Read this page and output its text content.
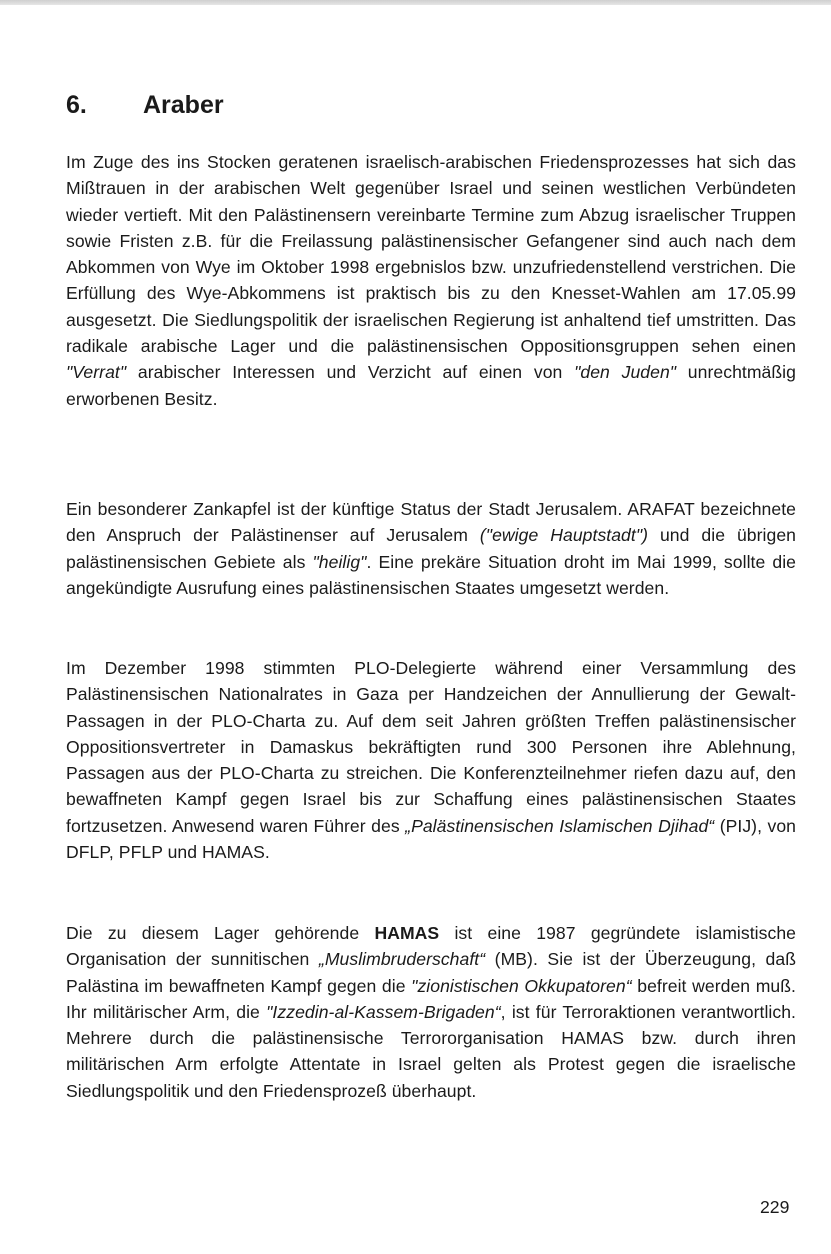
6. Araber

Im Zuge des ins Stocken geratenen israelisch-arabischen Friedensprozesses hat sich das Mißtrauen in der arabischen Welt gegenüber Israel und seinen westlichen Verbündeten wieder vertieft. Mit den Palästinensern vereinbarte Termine zum Abzug israelischer Truppen sowie Fristen z.B. für die Freilassung palästinensischer Gefangener sind auch nach dem Abkommen von Wye im Oktober 1998 ergebnislos bzw. unzufriedenstellend verstrichen. Die Erfüllung des Wye-Abkommens ist praktisch bis zu den Knesset-Wahlen am 17.05.99 ausgesetzt. Die Siedlungspolitik der israelischen Regierung ist anhaltend tief umstritten. Das radikale arabische Lager und die palästinensischen Oppositionsgruppen sehen einen "Verrat" arabischer Interessen und Verzicht auf einen von "den Juden" unrechtmäßig erworbenen Besitz.

Ein besonderer Zankapfel ist der künftige Status der Stadt Jerusalem. ARAFAT bezeichnete den Anspruch der Palästinenser auf Jerusalem ("ewige Hauptstadt") und die übrigen palästinensischen Gebiete als "heilig". Eine prekäre Situation droht im Mai 1999, sollte die angekündigte Ausrufung eines palästinensischen Staates umgesetzt werden.

Im Dezember 1998 stimmten PLO-Delegierte während einer Versammlung des Palästinensischen Nationalrates in Gaza per Handzeichen der Annullierung der Gewalt-Passagen in der PLO-Charta zu. Auf dem seit Jahren größten Treffen palästinensischer Oppositionsvertreter in Damaskus bekräftigten rund 300 Personen ihre Ablehnung, Passagen aus der PLO-Charta zu streichen. Die Konferenzteilnehmer riefen dazu auf, den bewaffneten Kampf gegen Israel bis zur Schaffung eines palästinensischen Staates fortzusetzen. Anwesend waren Führer des „Palästinensischen Islamischen Djihad“ (PIJ), von DFLP, PFLP und HAMAS.

Die zu diesem Lager gehörende HAMAS ist eine 1987 gegründete islamistische Organisation der sunnitischen „Muslimbruderschaft“ (MB). Sie ist der Überzeugung, daß Palästina im bewaffneten Kampf gegen die "zionistischen Okkupatoren“ befreit werden muß. Ihr militärischer Arm, die "Izzedin-al-Kassem-Brigaden“, ist für Terroraktionen verantwortlich. Mehrere durch die palästinensische Terrororganisation HAMAS bzw. durch ihren militärischen Arm erfolgte Attentate in Israel gelten als Protest gegen die israelische Siedlungspolitik und den Friedensprozeß überhaupt.

229
